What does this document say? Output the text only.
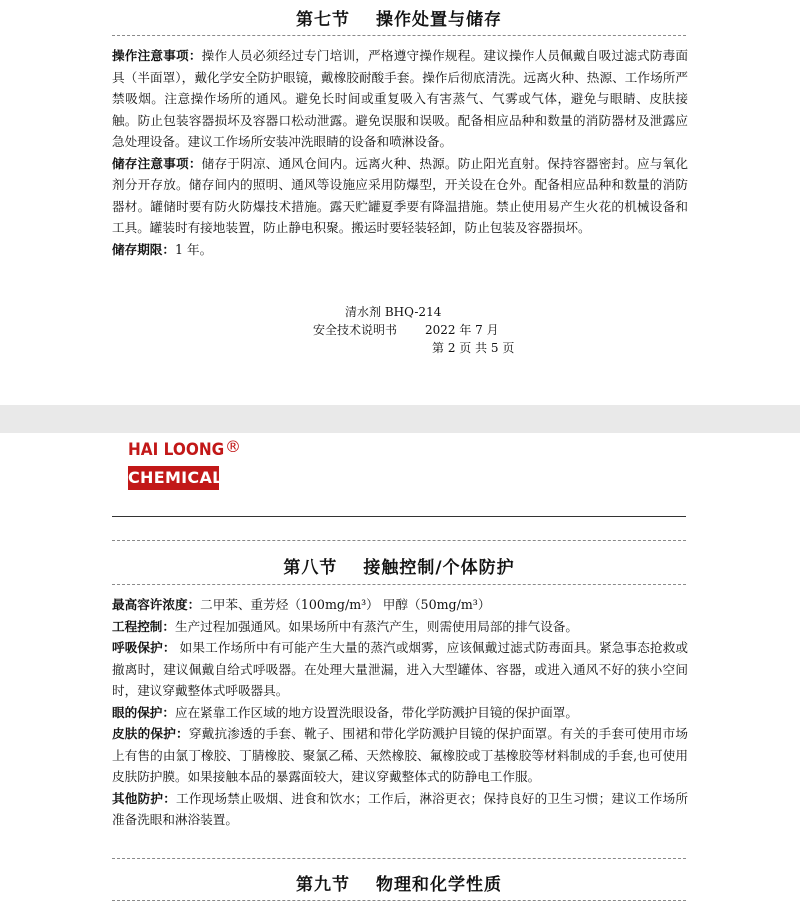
第七节 操作处置与储存

操作注意事项：操作人员必须经过专门培训，严格遵守操作规程。建议操作人员佩戴自吸过滤式防毒面具（半面罩），戴化学安全防护眼镜，戴橡胶耐酸手套。操作后彻底清洗。远离火种、热源、工作场所严禁吸烟。注意操作场所的通风。避免长时间或重复吸入有害蒸气、气雾或气体，避免与眼睛、皮肤接触。防止包装容器损坏及容器口松动泄露。避免误服和误吸。配备相应品种和数量的消防器材及泄露应急处理设备。建议工作场所安装冲洗眼睛的设备和喷淋设备。

储存注意事项：储存于阴凉、通风仓间内。远离火种、热源。防止阳光直射。保持容器密封。应与氧化剂分开存放。储存间内的照明、通风等设施应采用防爆型，开关设在仓外。配备相应品种和数量的消防器材。罐储时要有防火防爆技术措施。露天贮罐夏季要有降温措施。禁止使用易产生火花的机械设备和工具。罐装时有接地装置，防止静电积聚。搬运时要轻装轻卸，防止包装及容器损坏。

储存期限：1 年。

清水剂 BHQ-214
安全技术说明书 2022 年 7 月
第 2 页 共 5 页
HAI LOONG ®
CHEMICAL
第八节 接触控制/个体防护

最高容许浓度：二甲苯、重芳烃（100mg/m³） 甲醇（50mg/m³）

工程控制：生产过程加强通风。如果场所中有蒸汽产生，则需使用局部的排气设备。

呼吸保护： 如果工作场所中有可能产生大量的蒸汽或烟雾，应该佩戴过滤式防毒面具。紧急事态抢救或撤离时，建议佩戴自给式呼吸器。在处理大量泄漏，进入大型罐体、容器，或进入通风不好的狭小空间时，建议穿戴整体式呼吸器具。

眼的保护：应在紧靠工作区域的地方设置洗眼设备，带化学防溅护目镜的保护面罩。

皮肤的保护：穿戴抗渗透的手套、靴子、围裙和带化学防溅护目镜的保护面罩。有关的手套可使用市场上有售的由氯丁橡胶、丁腈橡胶、聚氯乙稀、天然橡胶、氟橡胶或丁基橡胶等材料制成的手套,也可使用皮肤防护膜。如果接触本品的暴露面较大，建议穿戴整体式的防静电工作服。

其他防护：工作现场禁止吸烟、进食和饮水；工作后，淋浴更衣；保持良好的卫生习惯；建议工作场所准备洗眼和淋浴装置。

第九节 物理和化学性质
